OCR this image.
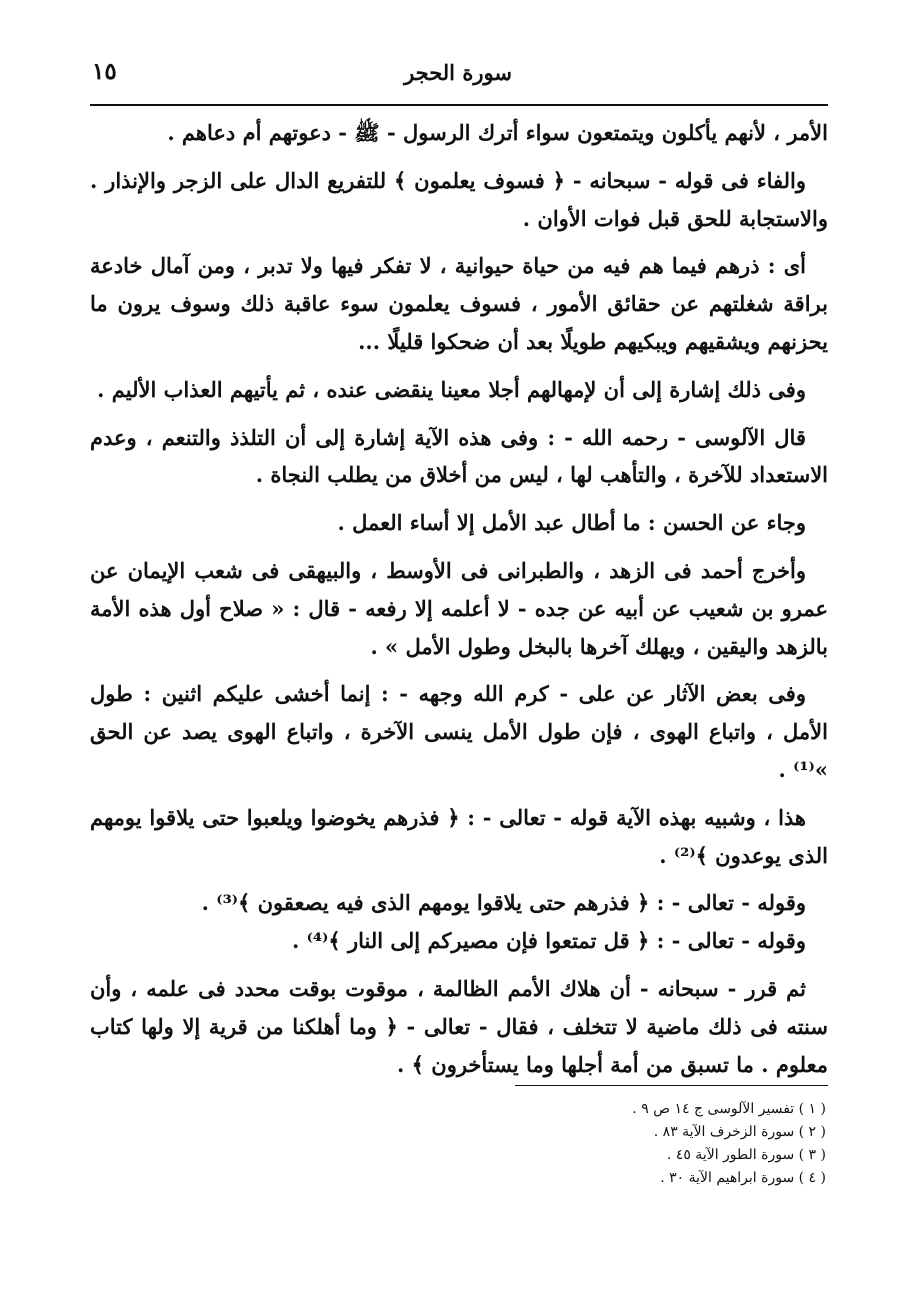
١٥	سورة الحجر

الأمر ، لأنهم يأكلون ويتمتعون سواء أترك الرسول - ﷺ - دعوتهم أم دعاهم .

والفاء فى قوله - سبحانه - ﴿ فسوف يعلمون ﴾ للتفريع الدال على الزجر والإنذار . والاستجابة للحق قبل فوات الأوان .

أى : ذرهم فيما هم فيه من حياة حيوانية ، لا تفكر فيها ولا تدبر ، ومن آمال خادعة براقة شغلتهم عن حقائق الأمور ، فسوف يعلمون سوء عاقبة ذلك وسوف يرون ما يحزنهم ويشقيهم ويبكيهم طويلًا بعد أن ضحكوا قليلًا ...

وفى ذلك إشارة إلى أن لإمهالهم أجلا معينا ينقضى عنده ، ثم يأتيهم العذاب الأليم .

قال الآلوسى - رحمه الله - : وفى هذه الآية إشارة إلى أن التلذذ والتنعم ، وعدم الاستعداد للآخرة ، والتأهب لها ، ليس من أخلاق من يطلب النجاة .

وجاء عن الحسن : ما أطال عبد الأمل إلا أساء العمل .

وأخرج أحمد فى الزهد ، والطبرانى فى الأوسط ، والبيهقى فى شعب الإيمان عن عمرو بن شعيب عن أبيه عن جده - لا أعلمه إلا رفعه - قال : « صلاح أول هذه الأمة بالزهد واليقين ، ويهلك آخرها بالبخل وطول الأمل » .

وفى بعض الآثار عن على - كرم الله وجهه - : إنما أخشى عليكم اثنين : طول الأمل ، واتباع الهوى ، فإن طول الأمل ينسى الآخرة ، واتباع الهوى يصد عن الحق »⁽¹⁾ .

هذا ، وشبيه بهذه الآية قوله - تعالى - : ﴿ فذرهم يخوضوا ويلعبوا حتى يلاقوا يومهم الذى يوعدون ﴾⁽²⁾ .

وقوله - تعالى - : ﴿ فذرهم حتى يلاقوا يومهم الذى فيه يصعقون ﴾⁽³⁾ .

وقوله - تعالى - : ﴿ قل تمتعوا فإن مصيركم إلى النار ﴾⁽⁴⁾ .

ثم قرر - سبحانه - أن هلاك الأمم الظالمة ، موقوت بوقت محدد فى علمه ، وأن سنته فى ذلك ماضية لا تتخلف ، فقال - تعالى - ﴿ وما أهلكنا من قرية إلا ولها كتاب معلوم . ما تسبق من أمة أجلها وما يستأخرون ﴾ .

( ١ ) تفسير الآلوسى ج ١٤ ص ٩ .

( ٢ ) سورة الزخرف الآية ٨٣ .

( ٣ ) سورة الطور الآية ٤٥ .

( ٤ ) سورة ابراهيم الآية ٣٠ .
